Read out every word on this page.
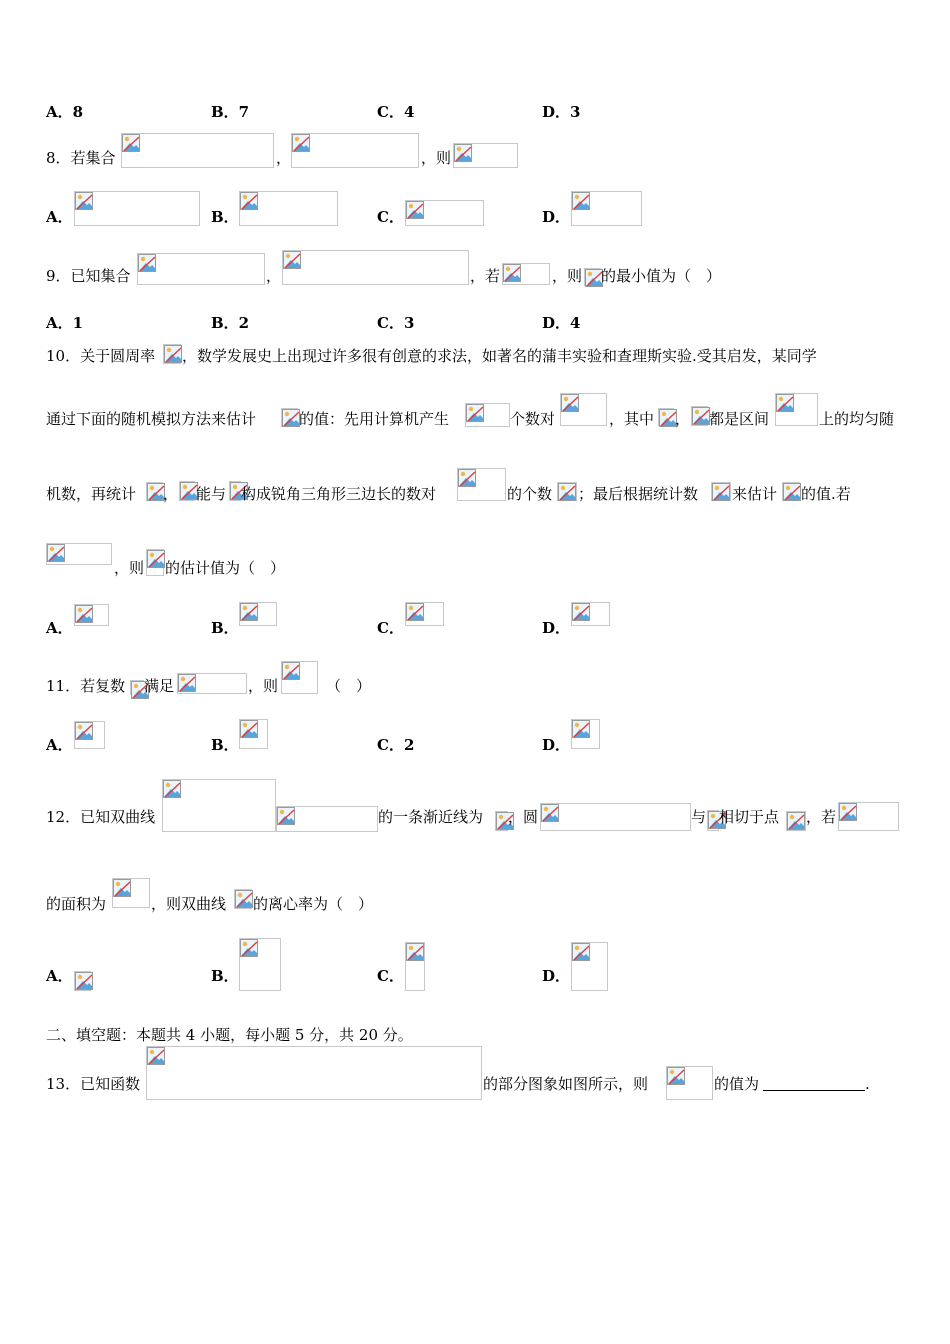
A．8	B．7	C．4	D．3
8．若集合	，	，则
A．	B．	C．	D．
9．已知集合	，	，若	，则 的最小值为（　）
A．1	B．2	C．3	D．4
10．关于圆周率 ，数学发展史上出现过许多很有创意的求法，如著名的蒲丰实验和查理斯实验.受其启发，某同学
通过下面的随机模拟方法来估计	的值：先用计算机产生	个数对	，其中 ， 都是区间	上的均匀随
机数，再统计 ， 能与 构成锐角三角形三边长的数对	的个数 ；最后根据统计数 来估计 的值.若
，则 的估计值为（　）
A．	B．	C．	D．
11．若复数 满足	，则	（　）
A．	B．	C．2	D．
12．已知双曲线	的一条渐近线为 ，圆	与 相切于点 ，若
的面积为	，则双曲线 的离心率为（　）
A．	B．	C．	D．
二、填空题：本题共 4 小题，每小题 5 分，共 20 分。
13．已知函数	的部分图象如图所示，则	的值为	.
